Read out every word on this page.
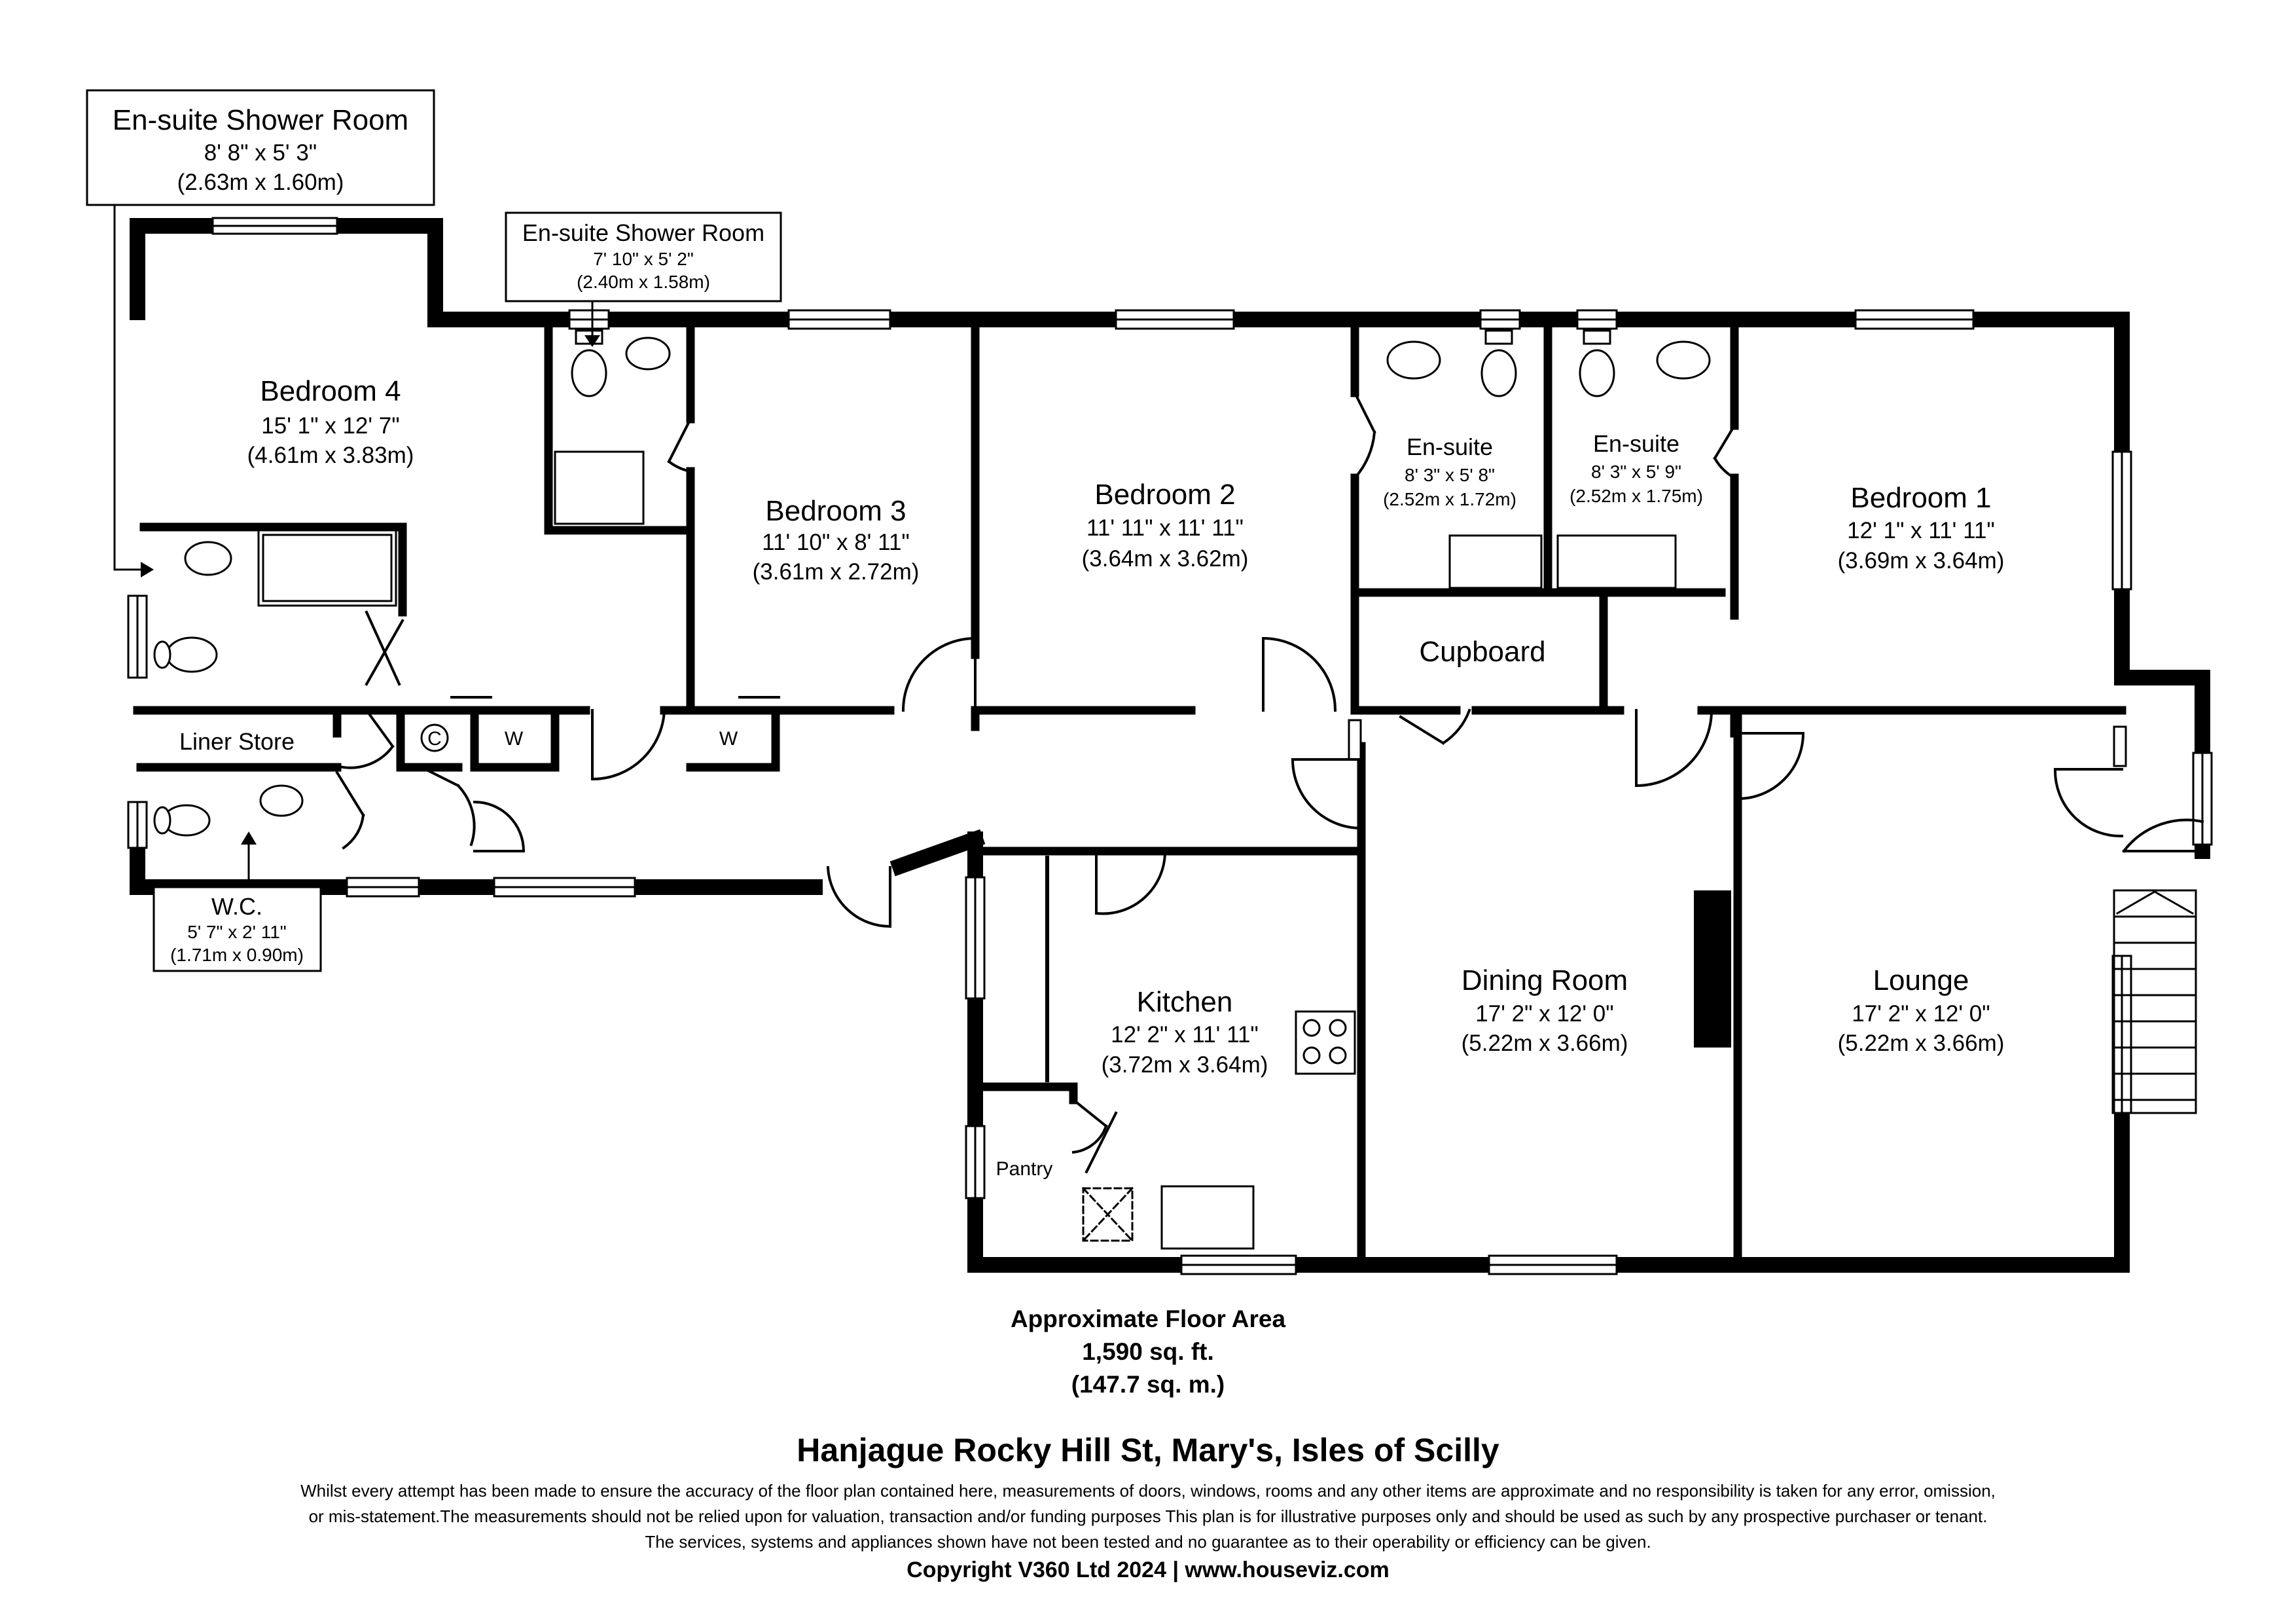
Bedroom 4
15' 1" x 12' 7"
(4.61m x 3.83m)
Bedroom 3
11' 10" x 8' 11"
(3.61m x 2.72m)
Bedroom 2
11' 11" x 11' 11"
(3.64m x 3.62m)
Bedroom 1
12' 1" x 11' 11"
(3.69m x 3.64m)
En-suite
8' 3" x 5' 8"
(2.52m x 1.72m)
En-suite
8' 3" x 5' 9"
(2.52m x 1.75m)
Cupboard
Kitchen
12' 2" x 11' 11"
(3.72m x 3.64m)
Dining Room
17' 2" x 12' 0"
(5.22m x 3.66m)
Lounge
17' 2" x 12' 0"
(5.22m x 3.66m)
Pantry
Liner Store	C	W	W
En-suite Shower Room
8' 8" x 5' 3"
(2.63m x 1.60m)
En-suite Shower Room
7' 10" x 5' 2"
(2.40m x 1.58m)
W.C.
5' 7" x 2' 11"
(1.71m x 0.90m)
Approximate Floor Area
1,590 sq. ft.
(147.7 sq. m.)
Hanjague Rocky Hill St, Mary's, Isles of Scilly
Whilst every attempt has been made to ensure the accuracy of the floor plan contained here, measurements of doors, windows, rooms and any other items are approximate and no responsibility is taken for any error, omission,
or mis-statement.The measurements should not be relied upon for valuation, transaction and/or funding purposes This plan is for illustrative purposes only and should be used as such by any prospective purchaser or tenant.
The services, systems and appliances shown have not been tested and no guarantee as to their operability or efficiency can be given.
Copyright V360 Ltd 2024 | www.houseviz.com
